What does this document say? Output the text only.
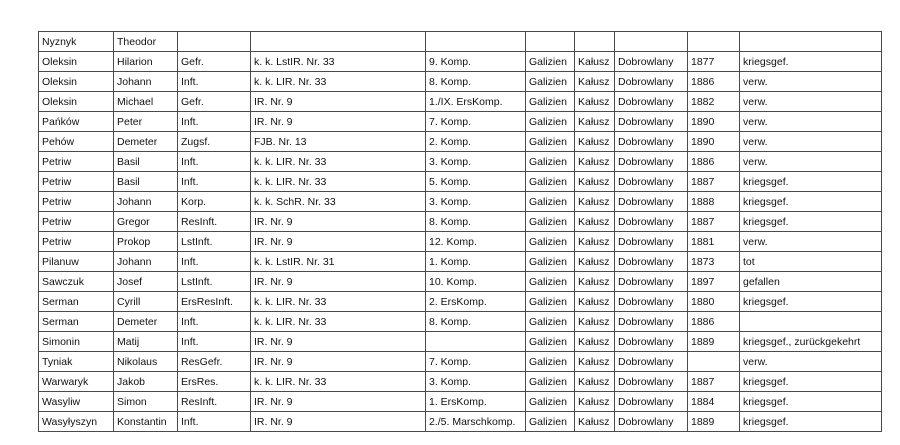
Nyznyk	Theodor								
Oleksin	Hilarion	Gefr.	k. k. LstIR. Nr. 33	9. Komp.	Galizien	Kałusz	Dobrowlany	1877	kriegsgef.
Oleksin	Johann	Inft.	k. k. LIR. Nr. 33	8. Komp.	Galizien	Kałusz	Dobrowlany	1886	verw.
Oleksin	Michael	Gefr.	IR. Nr. 9	1./IX. ErsKomp.	Galizien	Kałusz	Dobrowlany	1882	verw.
Pańków	Peter	Inft.	IR. Nr. 9	7. Komp.	Galizien	Kałusz	Dobrowlany	1890	verw.
Pehów	Demeter	Zugsf.	FJB. Nr. 13	2. Komp.	Galizien	Kałusz	Dobrowlany	1890	verw.
Petriw	Basil	Inft.	k. k. LIR. Nr. 33	3. Komp.	Galizien	Kałusz	Dobrowlany	1886	verw.
Petriw	Basil	Inft.	k. k. LIR. Nr. 33	5. Komp.	Galizien	Kałusz	Dobrowlany	1887	kriegsgef.
Petriw	Johann	Korp.	k. k. SchR. Nr. 33	3. Komp.	Galizien	Kałusz	Dobrowlany	1888	kriegsgef.
Petriw	Gregor	ResInft.	IR. Nr. 9	8. Komp.	Galizien	Kałusz	Dobrowlany	1887	kriegsgef.
Petriw	Prokop	LstInft.	IR. Nr. 9	12. Komp.	Galizien	Kałusz	Dobrowlany	1881	verw.
Pilanuw	Johann	Inft.	k. k. LstIR. Nr. 31	1. Komp.	Galizien	Kałusz	Dobrowlany	1873	tot
Sawczuk	Josef	LstInft.	IR. Nr. 9	10. Komp.	Galizien	Kałusz	Dobrowlany	1897	gefallen
Serman	Cyrill	ErsResInft.	k. k. LIR. Nr. 33	2. ErsKomp.	Galizien	Kałusz	Dobrowlany	1880	kriegsgef.
Serman	Demeter	Inft.	k. k. LIR. Nr. 33	8. Komp.	Galizien	Kałusz	Dobrowlany	1886	
Simonin	Matij	Inft.	IR. Nr. 9		Galizien	Kałusz	Dobrowlany	1889	kriegsgef., zurückgekehrt
Tyniak	Nikolaus	ResGefr.	IR. Nr. 9	7. Komp.	Galizien	Kałusz	Dobrowlany		verw.
Warwaryk	Jakob	ErsRes.	k. k. LIR. Nr. 33	3. Komp.	Galizien	Kałusz	Dobrowlany	1887	kriegsgef.
Wasyliw	Simon	ResInft.	IR. Nr. 9	1. ErsKomp.	Galizien	Kałusz	Dobrowlany	1884	kriegsgef.
Wasyłyszyn	Konstantin	Inft.	IR. Nr. 9	2./5. Marschkomp.	Galizien	Kałusz	Dobrowlany	1889	kriegsgef.
